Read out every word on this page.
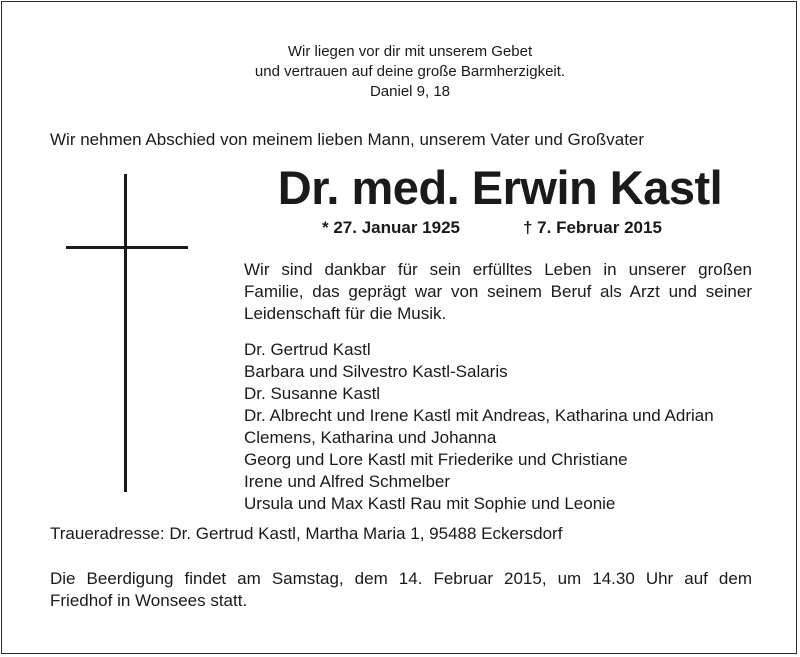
Wir liegen vor dir mit unserem Gebet
und vertrauen auf deine große Barmherzigkeit.
Daniel 9, 18
Wir nehmen Abschied von meinem lieben Mann, unserem Vater und Großvater
Dr. med. Erwin Kastl
* 27. Januar 1925	† 7. Februar 2015
Wir sind dankbar für sein erfülltes Leben in unserer großen
Familie, das geprägt war von seinem Beruf als Arzt und seiner
Leidenschaft für die Musik.
Dr. Gertrud Kastl
Barbara und Silvestro Kastl-Salaris
Dr. Susanne Kastl
Dr. Albrecht und Irene Kastl mit Andreas, Katharina und Adrian
Clemens, Katharina und Johanna
Georg und Lore Kastl mit Friederike und Christiane
Irene und Alfred Schmelber
Ursula und Max Kastl Rau mit Sophie und Leonie
Traueradresse: Dr. Gertrud Kastl, Martha Maria 1, 95488 Eckersdorf
Die Beerdigung findet am Samstag, dem 14. Februar 2015, um 14.30 Uhr auf dem
Friedhof in Wonsees statt.
